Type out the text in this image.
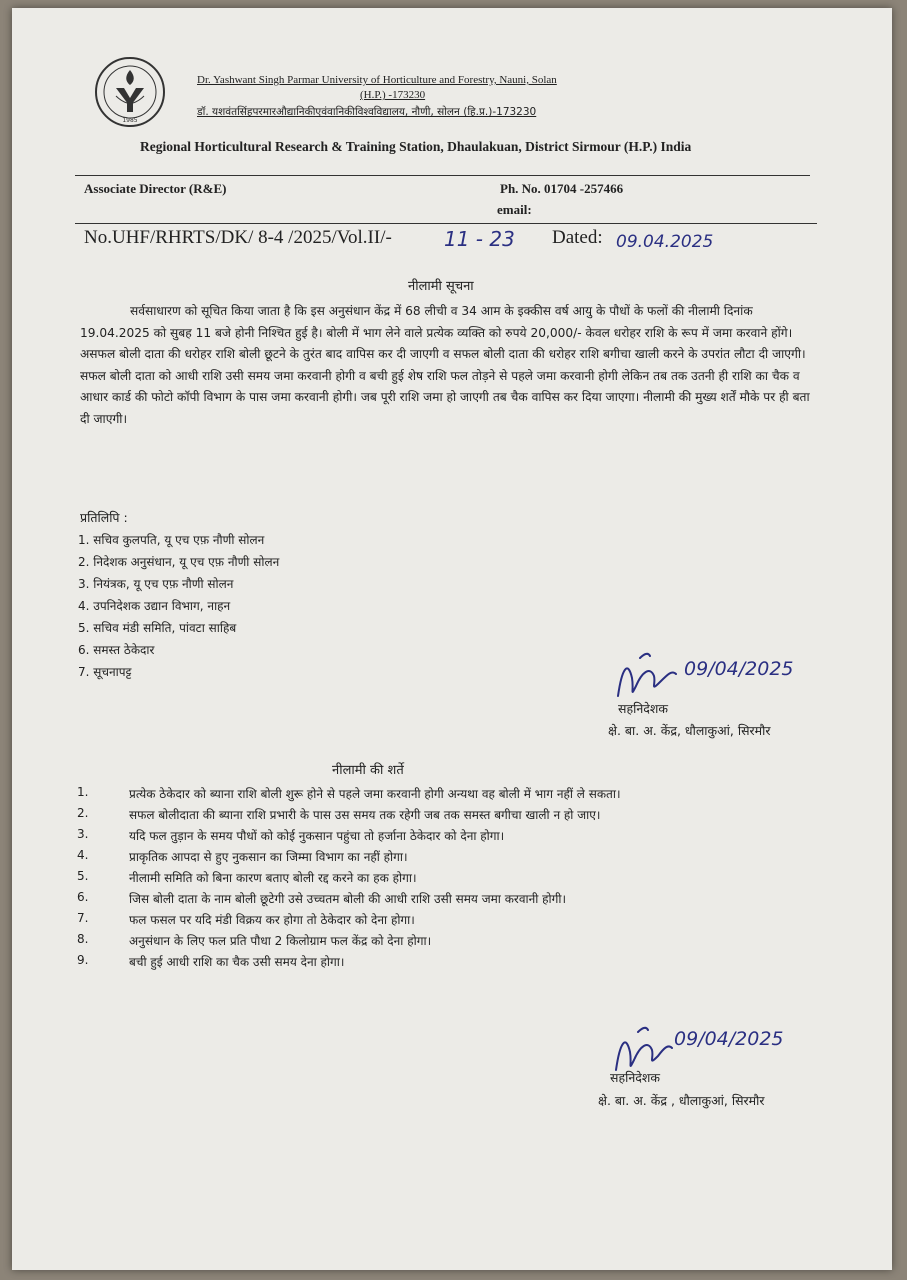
1985

Dr. Yashwant Singh Parmar University of Horticulture and Forestry, Nauni, Solan

(H.P.) -173230

डॉ. यशवंतसिंहपरमारऔद्यानिकीएवंवानिकीविश्वविद्यालय, नौणी, सोलन (हि.प्र.)-173230

Regional Horticultural Research & Training Station, Dhaulakuan, District Sirmour (H.P.) India

Associate Director (R&E)	Ph. No. 01704 -257466

email:

No.UHF/RHRTS/DK/ 8-4 /2025/Vol.II/-	11 - 23 Dated: 09.04.2025

नीलामी सूचना

सर्वसाधारण को सूचित किया जाता है कि इस अनुसंधान केंद्र में 68 लीची व 34 आम के इक्कीस वर्ष आयु के पौधों के फलों की नीलामी दिनांक 19.04.2025 को सुबह 11 बजे होनी निश्चित हुई है। बोली में भाग लेने वाले प्रत्येक व्यक्ति को रुपये 20,000/- केवल धरोहर राशि के रूप में जमा करवाने होंगे। असफल बोली दाता की धरोहर राशि बोली छूटने के तुरंत बाद वापिस कर दी जाएगी व सफल बोली दाता की धरोहर राशि बगीचा खाली करने के उपरांत लौटा दी जाएगी। सफल बोली दाता को आधी राशि उसी समय जमा करवानी होगी व बची हुई शेष राशि फल तोड़ने से पहले जमा करवानी होगी लेकिन तब तक उतनी ही राशि का चैक व आधार कार्ड की फोटो कॉपी विभाग के पास जमा करवानी होगी। जब पूरी राशि जमा हो जाएगी तब चैक वापिस कर दिया जाएगा। नीलामी की मुख्य शर्तें मौके पर ही बता दी जाएगी।

प्रतिलिपि :

1. सचिव कुलपति, यू एच एफ़ नौणी सोलन

2. निदेशक अनुसंधान, यू एच एफ़ नौणी सोलन

3. नियंत्रक, यू एच एफ़ नौणी सोलन

4. उपनिदेशक उद्यान विभाग, नाहन

5. सचिव मंडी समिति, पांवटा साहिब

6. समस्त ठेकेदार

7. सूचनापट्ट	09/04/2025

सहनिदेशक

क्षे. बा. अ. केंद्र, धौलाकुआं, सिरमौर

नीलामी की शर्ते

1.	प्रत्येक ठेकेदार को ब्याना राशि बोली शुरू होने से पहले जमा करवानी होगी अन्यथा वह बोली में भाग नहीं ले सकता।

2.	सफल बोलीदाता की ब्याना राशि प्रभारी के पास उस समय तक रहेगी जब तक समस्त बगीचा खाली न हो जाए।

3.	यदि फल तुड़ान के समय पौधों को कोई नुकसान पहुंचा तो हर्जाना ठेकेदार को देना होगा।

4.	प्राकृतिक आपदा से हुए नुकसान का जिम्मा विभाग का नहीं होगा।

5.	नीलामी समिति को बिना कारण बताए बोली रद्द करने का हक होगा।

6.	जिस बोली दाता के नाम बोली छूटेगी उसे उच्चतम बोली की आधी राशि उसी समय जमा करवानी होगी।

7.	फल फसल पर यदि मंडी विक्रय कर होगा तो ठेकेदार को देना होगा।

8.	अनुसंधान के लिए फल प्रति पौधा 2 किलोग्राम फल केंद्र को देना होगा।

9.	बची हुई आधी राशि का चैक उसी समय देना होगा।

09/04/2025

सहनिदेशक

क्षे. बा. अ. केंद्र , धौलाकुआं, सिरमौर
